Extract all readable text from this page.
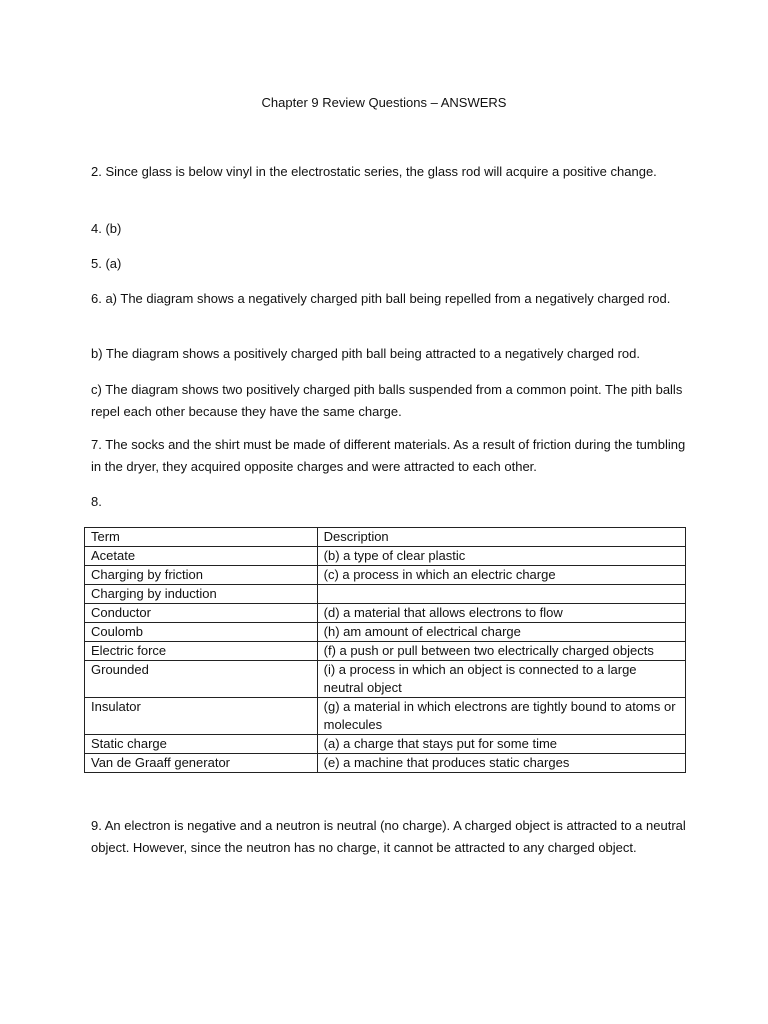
Chapter 9 Review Questions – ANSWERS

2. Since glass is below vinyl in the electrostatic series, the glass rod will acquire a positive change.

4. (b)

5. (a)

6. a) The diagram shows a negatively charged pith ball being repelled from a negatively charged rod.

b) The diagram shows a positively charged pith ball being attracted to a negatively charged rod.

c) The diagram shows two positively charged pith balls suspended from a common point. The pith balls repel each other because they have the same charge.

7. The socks and the shirt must be made of different materials. As a result of friction during the tumbling in the dryer, they acquired opposite charges and were attracted to each other.

8.

Term	Description
Acetate	(b) a type of clear plastic
Charging by friction	(c) a process in which an electric charge
Charging by induction	
Conductor	(d) a material that allows electrons to flow
Coulomb	(h) am amount of electrical charge
Electric force	(f) a push or pull between two electrically charged objects
Grounded	(i) a process in which an object is connected to a large neutral object
Insulator	(g) a material in which electrons are tightly bound to atoms or molecules
Static charge	(a) a charge that stays put for some time
Van de Graaff generator	(e) a machine that produces static charges

9. An electron is negative and a neutron is neutral (no charge). A charged object is attracted to a neutral object. However, since the neutron has no charge, it cannot be attracted to any charged object.
